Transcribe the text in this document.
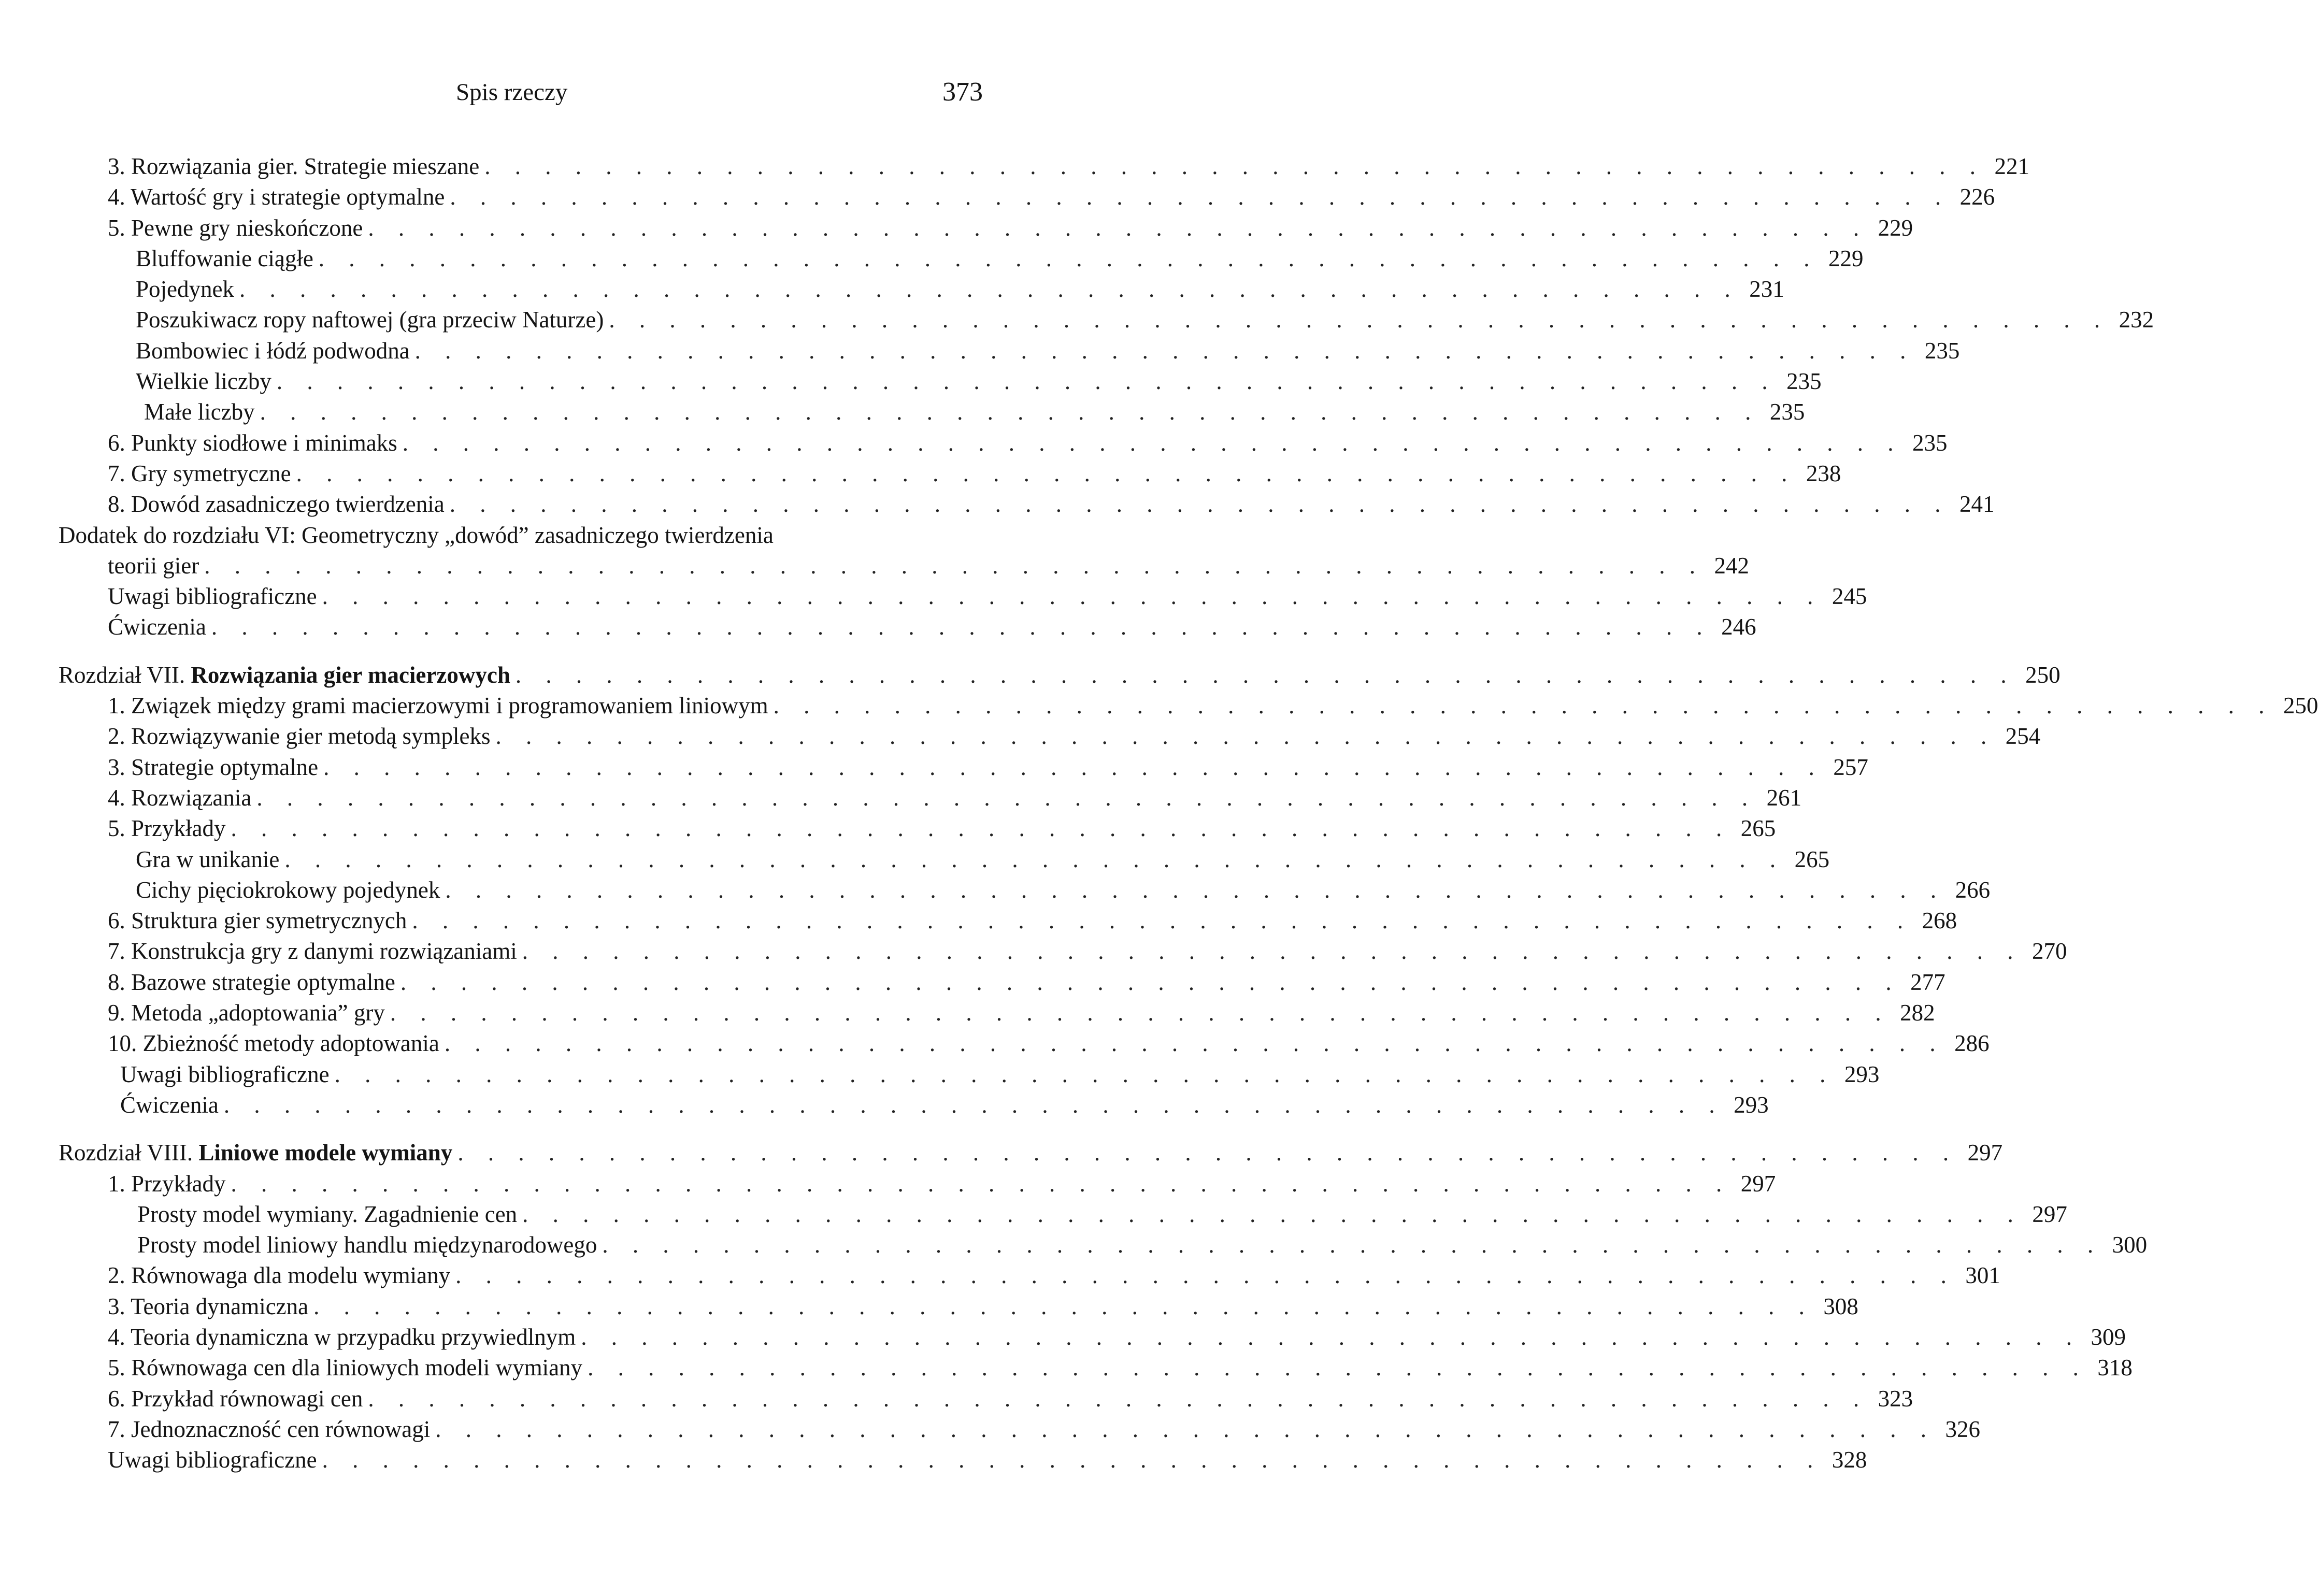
Spis rzeczy	373
3. Rozwiązania gier. Strategie mieszane . . . . . . . . . . . . . . . . . . . . . . . . . . . . . . . . . . . . . . . . . . . . . . . . . . 221
4. Wartość gry i strategie optymalne . . . . . . . . . . . . . . . . . . . . . . . . . . . . . . . . . . . . . . . . . . . . . . . . . . 226
5. Pewne gry nieskończone . . . . . . . . . . . . . . . . . . . . . . . . . . . . . . . . . . . . . . . . . . . . . . . . . . 229
Bluffowanie ciągłe . . . . . . . . . . . . . . . . . . . . . . . . . . . . . . . . . . . . . . . . . . . . . . . . . . 229
Pojedynek . . . . . . . . . . . . . . . . . . . . . . . . . . . . . . . . . . . . . . . . . . . . . . . . . . 231
Poszukiwacz ropy naftowej (gra przeciw Naturze) . . . . . . . . . . . . . . . . . . . . . . . . . . . . . . . . . . . . . . . . . . . . . . . . . . 232
Bombowiec i łódź podwodna . . . . . . . . . . . . . . . . . . . . . . . . . . . . . . . . . . . . . . . . . . . . . . . . . . 235
Wielkie liczby . . . . . . . . . . . . . . . . . . . . . . . . . . . . . . . . . . . . . . . . . . . . . . . . . . 235
Małe liczby . . . . . . . . . . . . . . . . . . . . . . . . . . . . . . . . . . . . . . . . . . . . . . . . . . 235
6. Punkty siodłowe i minimaks . . . . . . . . . . . . . . . . . . . . . . . . . . . . . . . . . . . . . . . . . . . . . . . . . . 235
7. Gry symetryczne . . . . . . . . . . . . . . . . . . . . . . . . . . . . . . . . . . . . . . . . . . . . . . . . . . 238
8. Dowód zasadniczego twierdzenia . . . . . . . . . . . . . . . . . . . . . . . . . . . . . . . . . . . . . . . . . . . . . . . . . . 241
Dodatek do rozdziału VI: Geometryczny „dowód” zasadniczego twierdzenia
teorii gier . . . . . . . . . . . . . . . . . . . . . . . . . . . . . . . . . . . . . . . . . . . . . . . . . . 242
Uwagi bibliograficzne . . . . . . . . . . . . . . . . . . . . . . . . . . . . . . . . . . . . . . . . . . . . . . . . . . 245
Ćwiczenia . . . . . . . . . . . . . . . . . . . . . . . . . . . . . . . . . . . . . . . . . . . . . . . . . . 246
Rozdział VII. Rozwiązania gier macierzowych . . . . . . . . . . . . . . . . . . . . . . . . . . . . . . . . . . . . . . . . . . . . . . . . . . 250
1. Związek między grami macierzowymi i programowaniem liniowym . . . . . . . . . . . . . . . . . . . . . . . . . . . . . . . . . . . . . . . . . . . . . . . . . . 250
2. Rozwiązywanie gier metodą sympleks . . . . . . . . . . . . . . . . . . . . . . . . . . . . . . . . . . . . . . . . . . . . . . . . . . 254
3. Strategie optymalne . . . . . . . . . . . . . . . . . . . . . . . . . . . . . . . . . . . . . . . . . . . . . . . . . . 257
4. Rozwiązania . . . . . . . . . . . . . . . . . . . . . . . . . . . . . . . . . . . . . . . . . . . . . . . . . . 261
5. Przykłady . . . . . . . . . . . . . . . . . . . . . . . . . . . . . . . . . . . . . . . . . . . . . . . . . . 265
Gra w unikanie . . . . . . . . . . . . . . . . . . . . . . . . . . . . . . . . . . . . . . . . . . . . . . . . . . 265
Cichy pięciokrokowy pojedynek . . . . . . . . . . . . . . . . . . . . . . . . . . . . . . . . . . . . . . . . . . . . . . . . . . 266
6. Struktura gier symetrycznych . . . . . . . . . . . . . . . . . . . . . . . . . . . . . . . . . . . . . . . . . . . . . . . . . . 268
7. Konstrukcja gry z danymi rozwiązaniami . . . . . . . . . . . . . . . . . . . . . . . . . . . . . . . . . . . . . . . . . . . . . . . . . . 270
8. Bazowe strategie optymalne . . . . . . . . . . . . . . . . . . . . . . . . . . . . . . . . . . . . . . . . . . . . . . . . . . 277
9. Metoda „adoptowania” gry . . . . . . . . . . . . . . . . . . . . . . . . . . . . . . . . . . . . . . . . . . . . . . . . . . 282
10. Zbieżność metody adoptowania . . . . . . . . . . . . . . . . . . . . . . . . . . . . . . . . . . . . . . . . . . . . . . . . . . 286
Uwagi bibliograficzne . . . . . . . . . . . . . . . . . . . . . . . . . . . . . . . . . . . . . . . . . . . . . . . . . . 293
Ćwiczenia . . . . . . . . . . . . . . . . . . . . . . . . . . . . . . . . . . . . . . . . . . . . . . . . . . 293
Rozdział VIII. Liniowe modele wymiany . . . . . . . . . . . . . . . . . . . . . . . . . . . . . . . . . . . . . . . . . . . . . . . . . . 297
1. Przykłady . . . . . . . . . . . . . . . . . . . . . . . . . . . . . . . . . . . . . . . . . . . . . . . . . . 297
Prosty model wymiany. Zagadnienie cen . . . . . . . . . . . . . . . . . . . . . . . . . . . . . . . . . . . . . . . . . . . . . . . . . . 297
Prosty model liniowy handlu międzynarodowego . . . . . . . . . . . . . . . . . . . . . . . . . . . . . . . . . . . . . . . . . . . . . . . . . . 300
2. Równowaga dla modelu wymiany . . . . . . . . . . . . . . . . . . . . . . . . . . . . . . . . . . . . . . . . . . . . . . . . . . 301
3. Teoria dynamiczna . . . . . . . . . . . . . . . . . . . . . . . . . . . . . . . . . . . . . . . . . . . . . . . . . . 308
4. Teoria dynamiczna w przypadku przywiedlnym . . . . . . . . . . . . . . . . . . . . . . . . . . . . . . . . . . . . . . . . . . . . . . . . . . 309
5. Równowaga cen dla liniowych modeli wymiany . . . . . . . . . . . . . . . . . . . . . . . . . . . . . . . . . . . . . . . . . . . . . . . . . . 318
6. Przykład równowagi cen . . . . . . . . . . . . . . . . . . . . . . . . . . . . . . . . . . . . . . . . . . . . . . . . . . 323
7. Jednoznaczność cen równowagi . . . . . . . . . . . . . . . . . . . . . . . . . . . . . . . . . . . . . . . . . . . . . . . . . . 326
Uwagi bibliograficzne . . . . . . . . . . . . . . . . . . . . . . . . . . . . . . . . . . . . . . . . . . . . . . . . . . 328
